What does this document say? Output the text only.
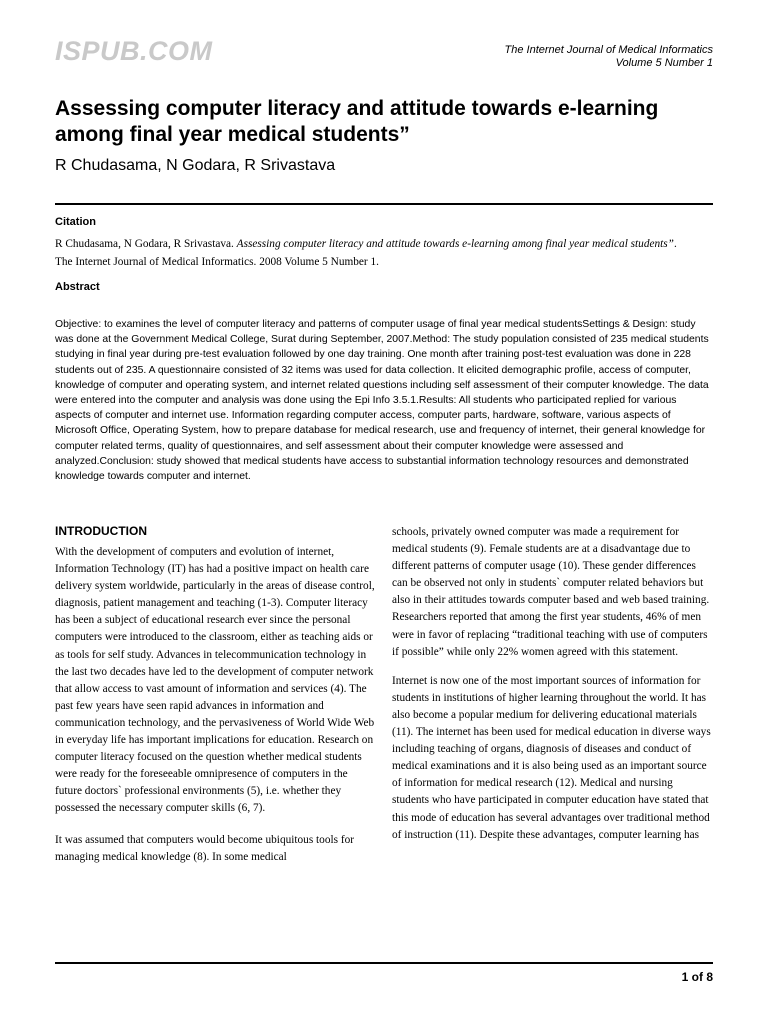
ISPUB.COM	The Internet Journal of Medical Informatics
Volume 5 Number 1
Assessing computer literacy and attitude towards e-learning among final year medical students”
R Chudasama, N Godara, R Srivastava
Citation
R Chudasama, N Godara, R Srivastava. Assessing computer literacy and attitude towards e-learning among final year medical students”. The Internet Journal of Medical Informatics. 2008 Volume 5 Number 1.
Abstract

Objective: to examines the level of computer literacy and patterns of computer usage of final year medical studentsSettings & Design: study was done at the Government Medical College, Surat during September, 2007.Method: The study population consisted of 235 medical students studying in final year during pre-test evaluation followed by one day training. One month after training post-test evaluation was done in 228 students out of 235. A questionnaire consisted of 32 items was used for data collection. It elicited demographic profile, access of computer, knowledge of computer and operating system, and internet related questions including self assessment of their computer knowledge. The data were entered into the computer and analysis was done using the Epi Info 3.5.1.Results: All students who participated replied for various aspects of computer and internet use. Information regarding computer access, computer parts, hardware, software, various aspects of Microsoft Office, Operating System, how to prepare database for medical research, use and frequency of internet, their general knowledge for computer related terms, quality of questionnaires, and self assessment about their computer knowledge were assessed and analyzed.Conclusion: study showed that medical students have access to substantial information technology resources and demonstrated knowledge towards computer and internet.

INTRODUCTION

With the development of computers and evolution of internet, Information Technology (IT) has had a positive impact on health care delivery system worldwide, particularly in the areas of disease control, diagnosis, patient management and teaching (1-3). Computer literacy has been a subject of educational research ever since the personal computers were introduced to the classroom, either as teaching aids or as tools for self study. Advances in telecommunication technology in the last two decades have led to the development of computer network that allow access to vast amount of information and services (4). The past few years have seen rapid advances in information and communication technology, and the pervasiveness of World Wide Web in everyday life has important implications for education. Research on computer literacy focused on the question whether medical students were ready for the foreseeable omnipresence of computers in the future doctors` professional environments (5), i.e. whether they possessed the necessary computer skills (6, 7).

It was assumed that computers would become ubiquitous tools for managing medical knowledge (8). In some medical

schools, privately owned computer was made a requirement for medical students (9). Female students are at a disadvantage due to different patterns of computer usage (10). These gender differences can be observed not only in students` computer related behaviors but also in their attitudes towards computer based and web based training. Researchers reported that among the first year students, 46% of men were in favor of replacing “traditional teaching with use of computers if possible” while only 22% women agreed with this statement.

Internet is now one of the most important sources of information for students in institutions of higher learning throughout the world. It has also become a popular medium for delivering educational materials (11). The internet has been used for medical education in diverse ways including teaching of organs, diagnosis of diseases and conduct of medical examinations and it is also being used as an important source of information for medical research (12). Medical and nursing students who have participated in computer education have stated that this mode of education has several advantages over traditional method of instruction (11). Despite these advantages, computer learning has

1 of 8
